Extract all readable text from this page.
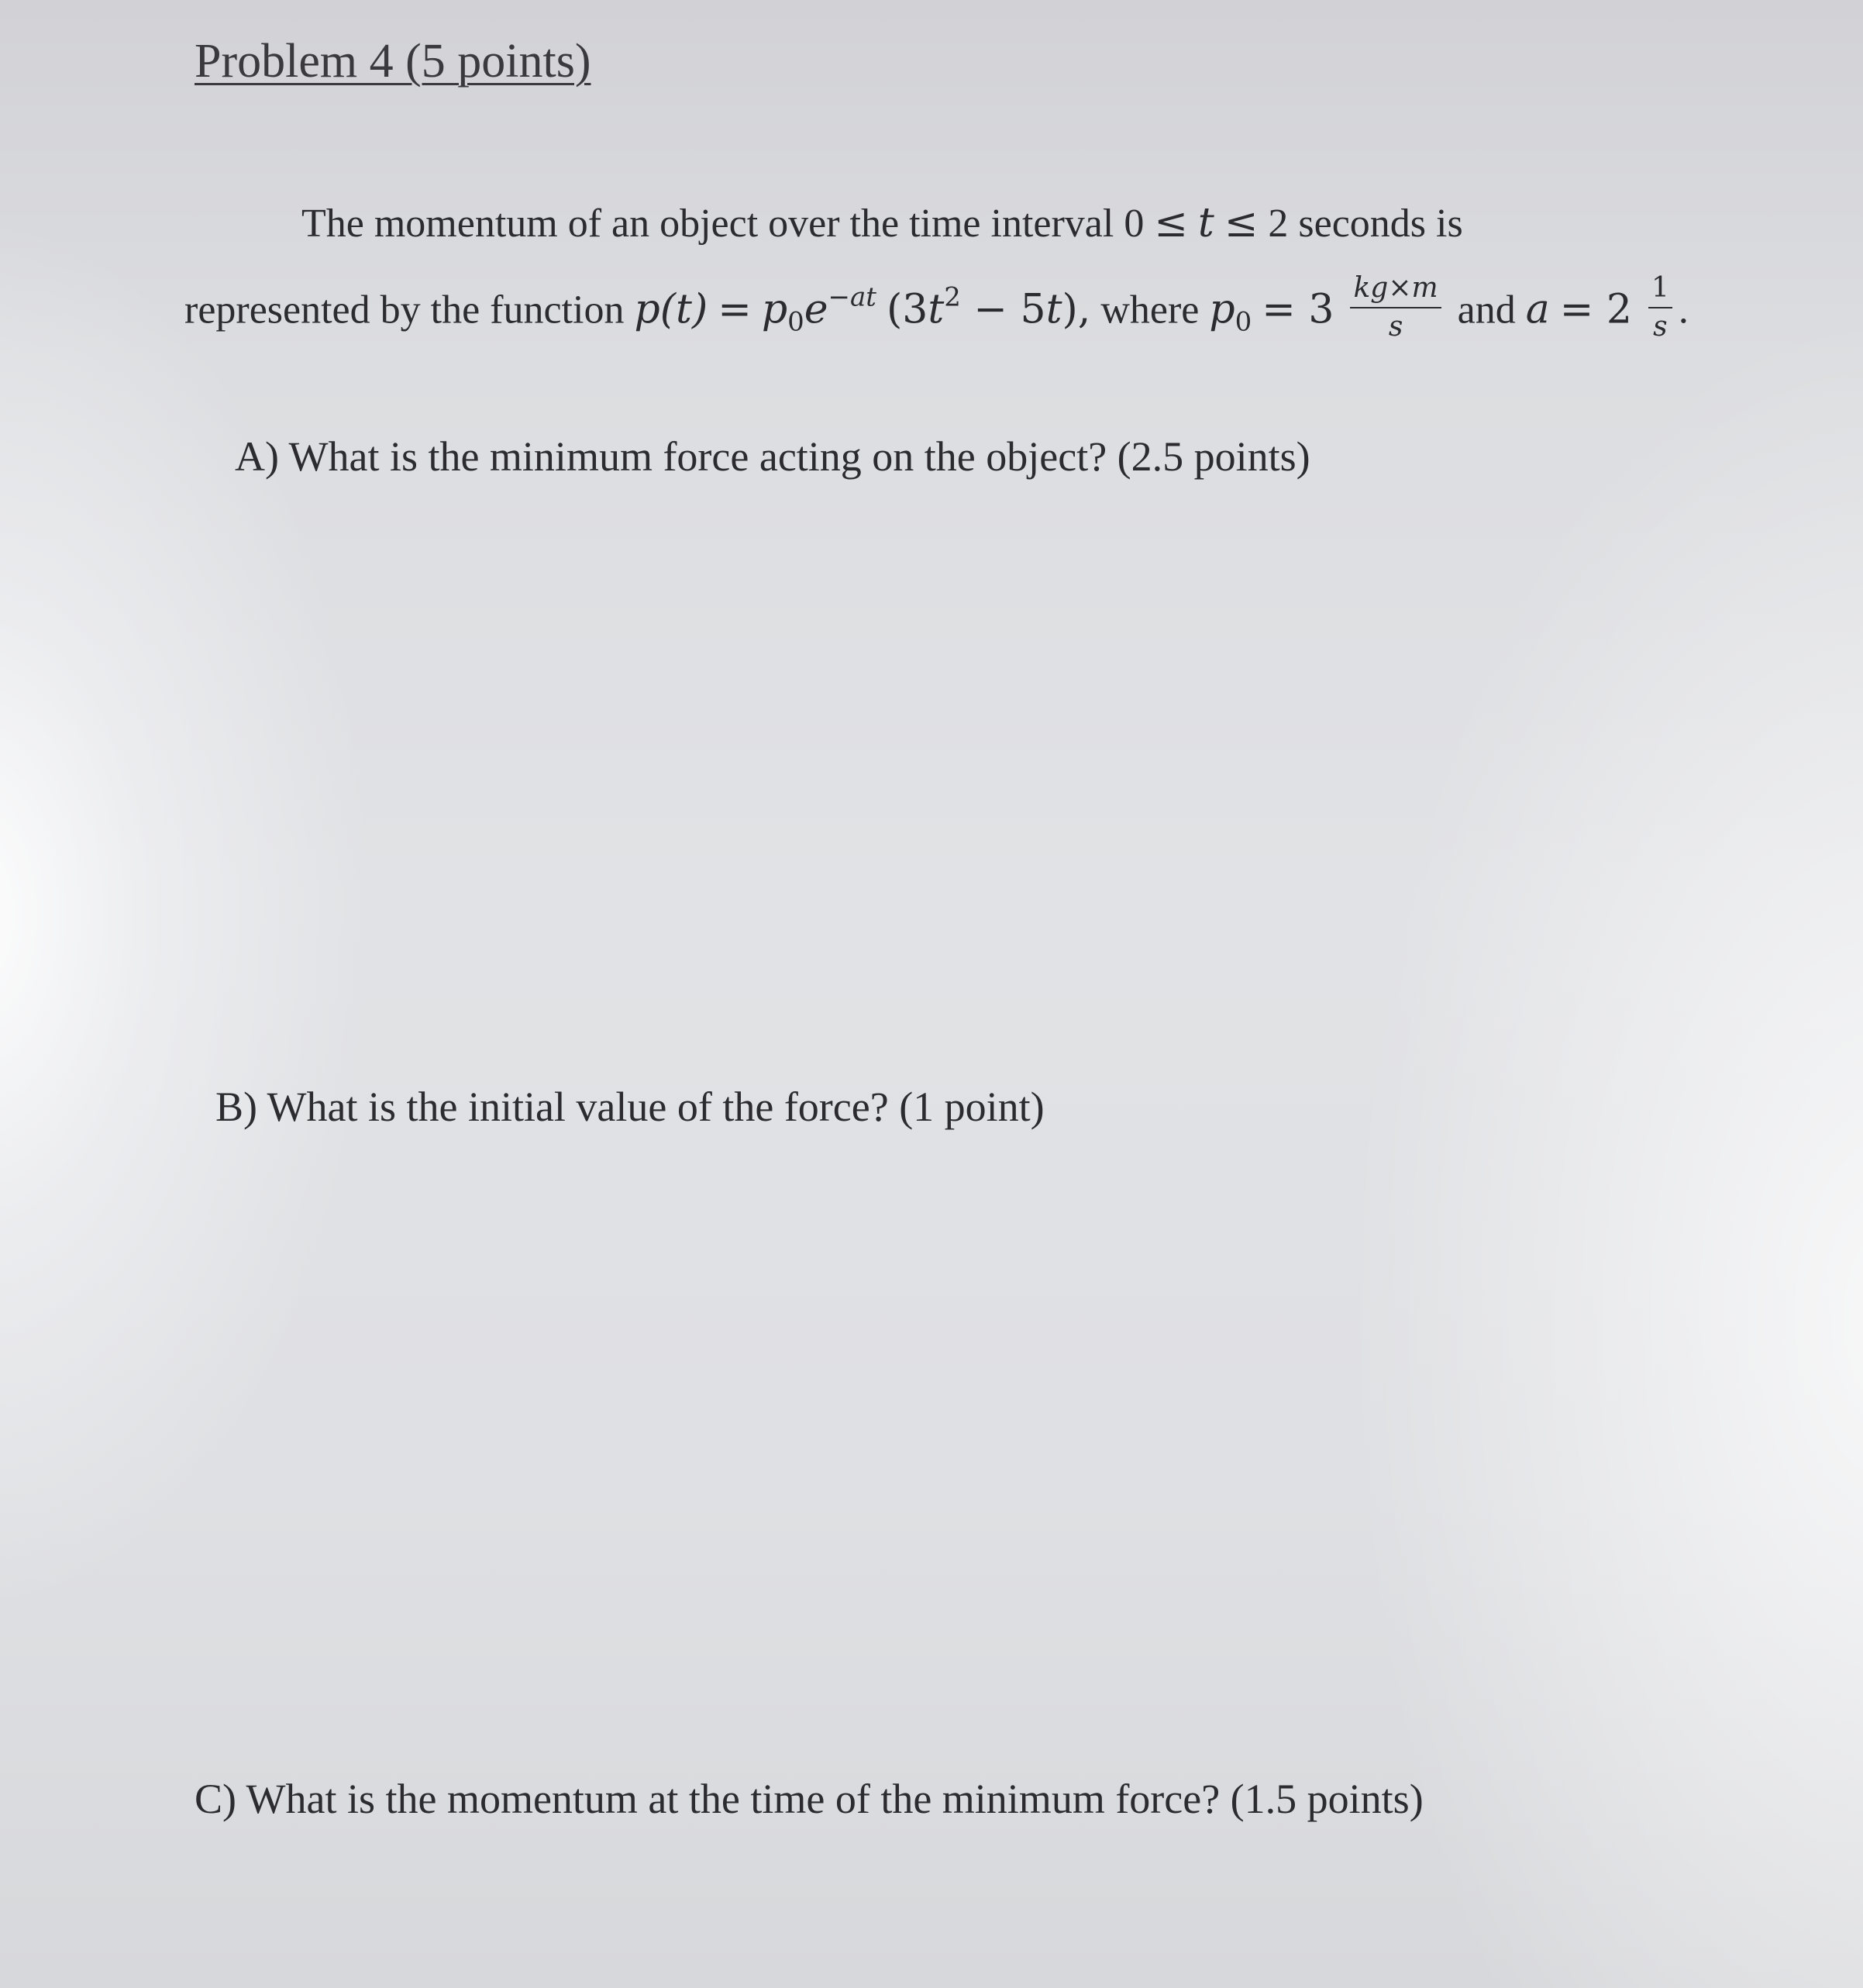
Problem 4 (5 points)
The momentum of an object over the time interval 0 ≤ t ≤ 2 seconds is
represented by the function $p(t) = p_0e^{-at}$ $(3t^2 - 5t)$, where $p_0 = 3 \frac{kg\times m}{s}$ and $a = 2 \frac{1}{s}$ .
A) What is the minimum force acting on the object? (2.5 points)
B) What is the initial value of the force? (1 point)
C) What is the momentum at the time of the minimum force? (1.5 points)
